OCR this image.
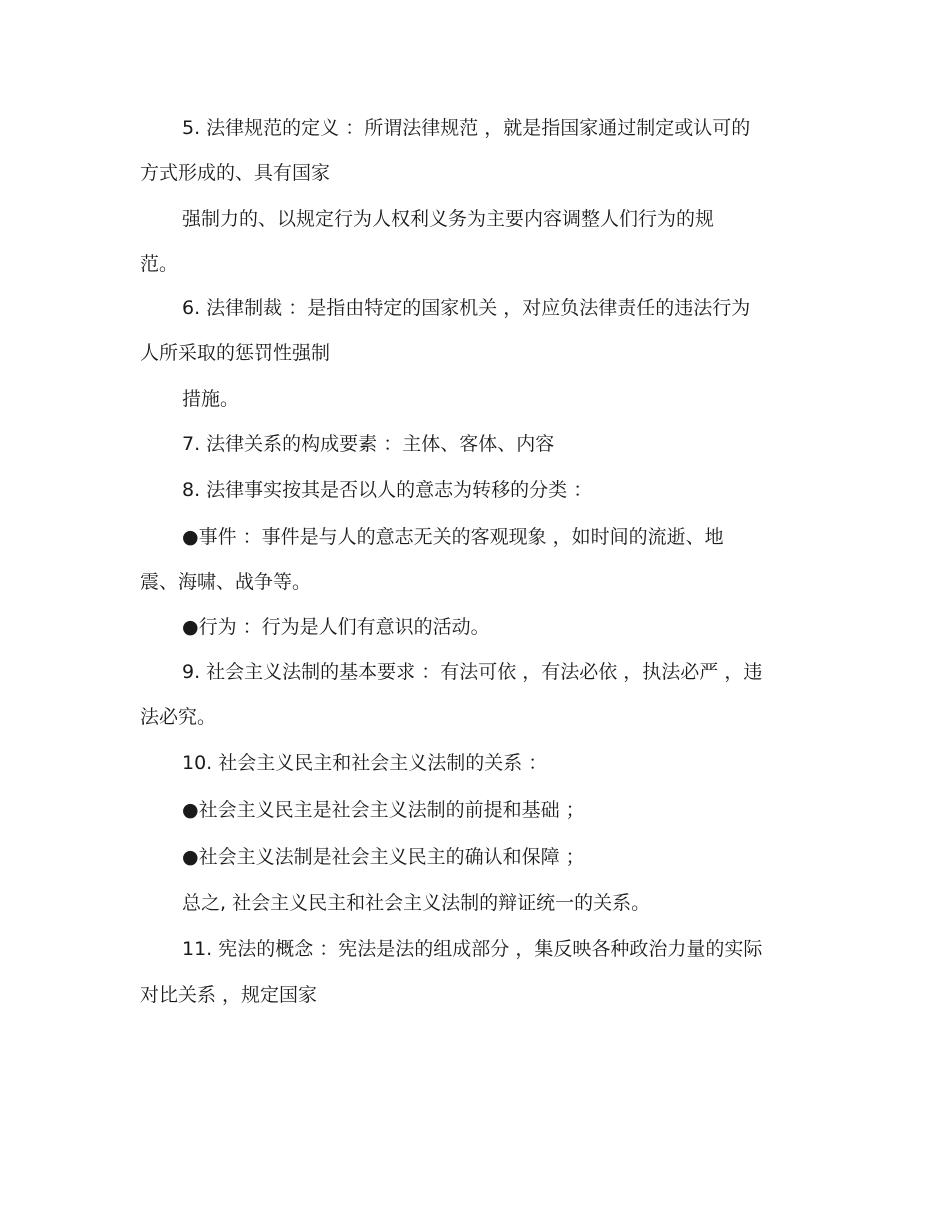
5. 法律规范的定义 ：所谓法律规范 ，就是指国家通过制定或认可的
方式形成的、具有国家
强制力的、以规定行为人权利义务为主要内容调整人们行为的规
范。
6. 法律制裁 ：是指由特定的国家机关 ，对应负法律责任的违法行为
人所采取的惩罚性强制
措施。
7. 法律关系的构成要素 ：主体、客体、内容
8. 法律事实按其是否以人的意志为转移的分类 ：
●事件 ：事件是与人的意志无关的客观现象 ，如时间的流逝、地
震、海啸、战争等。
●行为 ：行为是人们有意识的活动。
9. 社会主义法制的基本要求 ：有法可依 ，有法必依 ，执法必严 ，违
法必究。
10. 社会主义民主和社会主义法制的关系 ：
●社会主义民主是社会主义法制的前提和基础 ；
●社会主义法制是社会主义民主的确认和保障 ；
总之, 社会主义民主和社会主义法制的辩证统一的关系。
11. 宪法的概念 ：宪法是法的组成部分 ，集反映各种政治力量的实际
对比关系 ，规定国家
